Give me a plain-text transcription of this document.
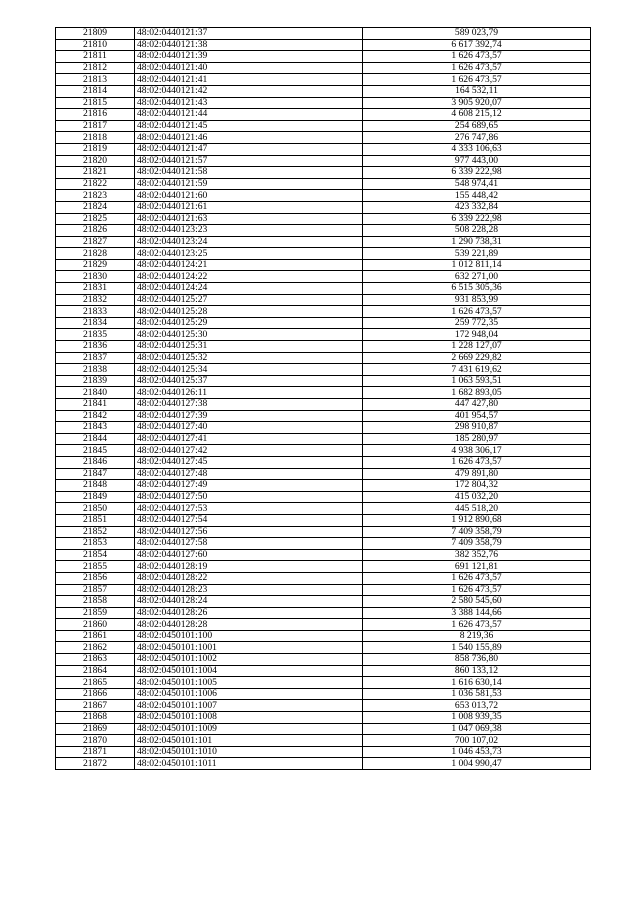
21809	48:02:0440121:37	589 023,79
21810	48:02:0440121:38	6 617 392,74
21811	48:02:0440121:39	1 626 473,57
21812	48:02:0440121:40	1 626 473,57
21813	48:02:0440121:41	1 626 473,57
21814	48:02:0440121:42	164 532,11
21815	48:02:0440121:43	3 905 920,07
21816	48:02:0440121:44	4 608 215,12
21817	48:02:0440121:45	254 689,65
21818	48:02:0440121:46	276 747,86
21819	48:02:0440121:47	4 333 106,63
21820	48:02:0440121:57	977 443,00
21821	48:02:0440121:58	6 339 222,98
21822	48:02:0440121:59	548 974,41
21823	48:02:0440121:60	155 448,42
21824	48:02:0440121:61	423 332,84
21825	48:02:0440121:63	6 339 222,98
21826	48:02:0440123:23	508 228,28
21827	48:02:0440123:24	1 290 738,31
21828	48:02:0440123:25	539 221,89
21829	48:02:0440124:21	1 012 811,14
21830	48:02:0440124:22	632 271,00
21831	48:02:0440124:24	6 515 305,36
21832	48:02:0440125:27	931 853,99
21833	48:02:0440125:28	1 626 473,57
21834	48:02:0440125:29	259 772,35
21835	48:02:0440125:30	172 948,04
21836	48:02:0440125:31	1 228 127,07
21837	48:02:0440125:32	2 669 229,82
21838	48:02:0440125:34	7 431 619,62
21839	48:02:0440125:37	1 063 593,51
21840	48:02:0440126:11	1 682 893,05
21841	48:02:0440127:38	447 427,80
21842	48:02:0440127:39	401 954,57
21843	48:02:0440127:40	298 910,87
21844	48:02:0440127:41	185 280,97
21845	48:02:0440127:42	4 938 306,17
21846	48:02:0440127:45	1 626 473,57
21847	48:02:0440127:48	479 891,80
21848	48:02:0440127:49	172 804,32
21849	48:02:0440127:50	415 032,20
21850	48:02:0440127:53	445 518,20
21851	48:02:0440127:54	1 912 890,68
21852	48:02:0440127:56	7 409 358,79
21853	48:02:0440127:58	7 409 358,79
21854	48:02:0440127:60	382 352,76
21855	48:02:0440128:19	691 121,81
21856	48:02:0440128:22	1 626 473,57
21857	48:02:0440128:23	1 626 473,57
21858	48:02:0440128:24	2 580 545,60
21859	48:02:0440128:26	3 388 144,66
21860	48:02:0440128:28	1 626 473,57
21861	48:02:0450101:100	8 219,36
21862	48:02:0450101:1001	1 540 155,89
21863	48:02:0450101:1002	858 736,80
21864	48:02:0450101:1004	860 133,12
21865	48:02:0450101:1005	1 616 630,14
21866	48:02:0450101:1006	1 036 581,53
21867	48:02:0450101:1007	653 013,72
21868	48:02:0450101:1008	1 008 939,35
21869	48:02:0450101:1009	1 047 069,38
21870	48:02:0450101:101	700 107,02
21871	48:02:0450101:1010	1 046 453,73
21872	48:02:0450101:1011	1 004 990,47
